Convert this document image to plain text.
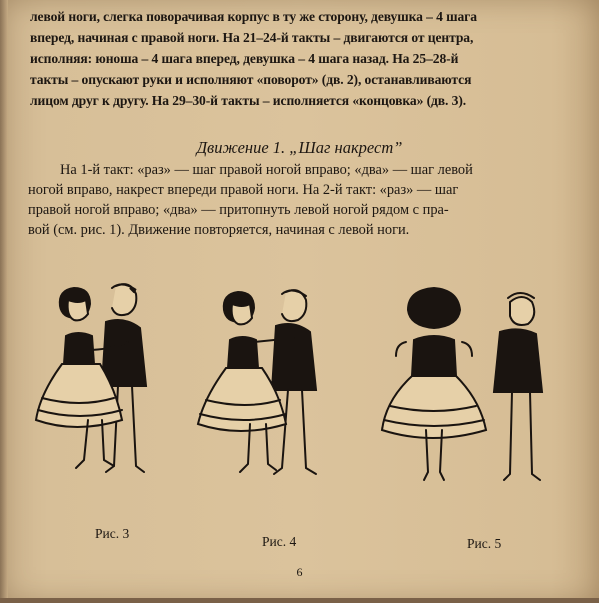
левой ноги, слегка поворачивая корпус в ту же сторону, девушка – 4 шага
вперед, начиная с правой ноги. На 21–24-й такты – двигаются от центра,
исполняя: юноша – 4 шага вперед, девушка – 4 шага назад. На 25–28-й
такты – опускают руки и исполняют «поворот» (дв. 2), останавливаются
лицом друг к другу. На 29–30-й такты – исполняется «концовка» (дв. 3).
Движение 1. „Шаг накрест”
На 1-й такт: «раз» — шаг правой ногой вправо; «два» — шаг левой
ногой вправо, накрест впереди правой ноги. На 2-й такт: «раз» — шаг
правой ногой вправо; «два» — притопнуть левой ногой рядом с пра-
вой (см. рис. 1). Движение повторяется, начиная с левой ноги.
Рис. 3
Рис. 4	Рис. 5
6
